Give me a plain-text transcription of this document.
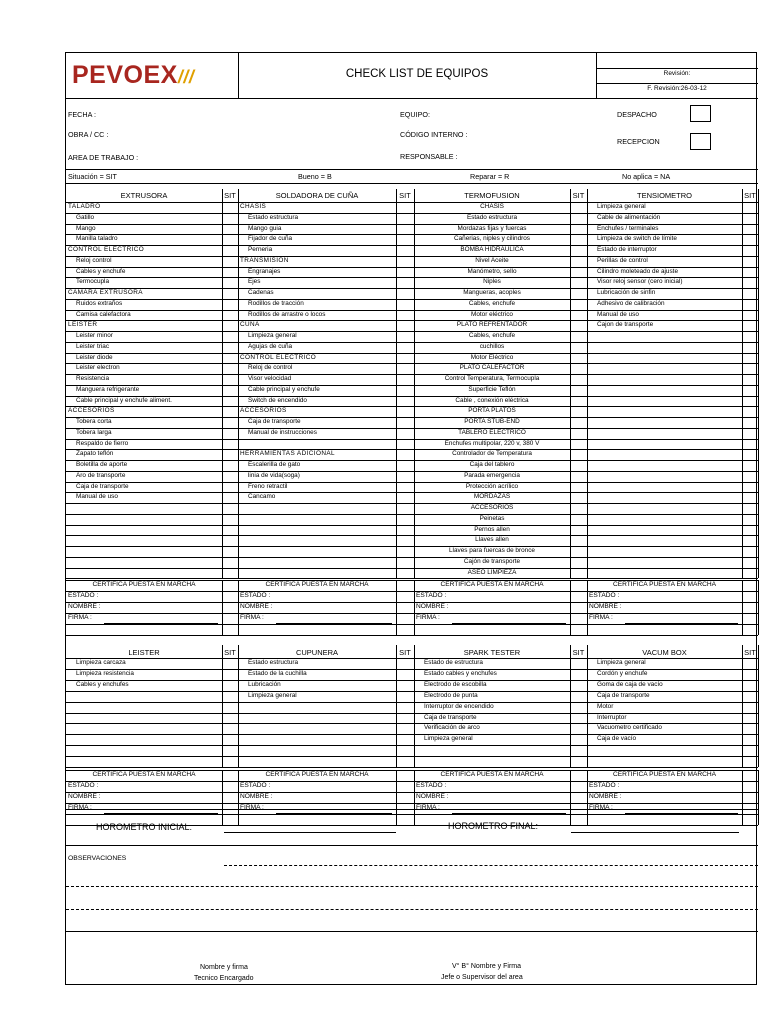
PEVOEX///	CHECK LIST DE EQUIPOS	Revisión:
F. Revisión:26-03-12
FECHA :
OBRA / CC :
AREA DE TRABAJO :
EQUIPO:
CÓDIGO INTERNO :
RESPONSABLE :
DESPACHO
RECEPCION
Situación = SIT	Bueno = B	Reparar = R	No aplica = NA
EXTRUSORA	SIT
TALADRO
Gatillo
Mango
Manilla taladro
CONTROL ELECTRICO
Reloj control
Cables y enchufe
Termocupla
CAMARA EXTRUSORA
Ruidos extraños
Camisa calefactora
LEISTER
Leister minor
Leister triac
Leister diode
Leister electron
Resistencia
Manguera refrigerante
Cable principal y enchufe aliment.
ACCESORIOS
Tobera corta
Tobera larga
Respaldo de fierro
Zapato teflón
Boletilla de aporte
Aro de transporte
Caja de transporte
Manual de uso
SOLDADORA DE CUÑA	SIT
CHASIS
Estado estructura
Mango guia
Fijador de cuña
Perneria
TRANSMISION
Engranajes
Ejes
Cadenas
Rodillos de tracción
Rodillos de arrastre o locos
CUÑA
Limpieza general
Agujas de cuña
CONTROL ELECTRICO
Reloj de control
Visor velocidad
Cable principal y enchufe
Switch de encendido
ACCESORIOS
Caja de transporte
Manual de instrucciones
HERRAMIENTAS ADICIONAL
Escalerilla de gato
linia de vida(soga)
Freno retractil
Cancamo
TERMOFUSION	SIT
CHASIS
Estado estructura
Mordazas fijas y fuercas
Cañerias, niples y cilindros
BOMBA HIDRAULICA
Nivel Aceite
Manómetro, sello
Niples
Mangueras, acoples
Cables, enchufe
Motor eléctrico
PLATO REFRENTADOR
Cables, enchufe
cuchillos
Motor Eléctrico
PLATO CALEFACTOR
Control Temperatura, Termocupla
Superficie Teflón
Cable , conexión eléctrica
PORTA PLATOS
PORTA STUB-END
TABLERO ELECTRICO
Enchufes multipolar, 220 v, 380 V
Controlador de Temperatura
Caja del tablero
Parada emergencia
Protección acrílico
MORDAZAS
ACCESORIOS
Peinetas
Pernos allen
Llaves allen
Llaves para fuercas de bronce
Cajón de transporte
ASEO LIMPIEZA
TENSIOMETRO	SIT
Limpieza general
Cable de alimentación
Enchufes / terminales
Limpieza de switch de límite
Estado de interruptor
Perillas de control
Cilindro moleteado de ajuste
Visor reloj sensor (cero inicial)
Lubricación de sinfin
Adhesivo de calibración
Manual de uso
Cajon de transporte
CERTIFICA PUESTA EN MARCHA
ESTADO :
NOMBRE :
FIRMA :
CERTIFICA PUESTA EN MARCHA
ESTADO :
NOMBRE :
FIRMA :
CERTIFICA PUESTA EN MARCHA
ESTADO :
NOMBRE :
FIRMA :
CERTIFICA PUESTA EN MARCHA
ESTADO :
NOMBRE :
FIRMA :
LEISTER	SIT
Limpieza carcaza
Limpieza resistencia
Cables y enchufes
CUPUNERA	SIT
Estado estructura
Estado de la cuchilla
Lubricación
Limpieza general
SPARK TESTER	SIT
Estado de estructura
Estado cables y enchufes
Electrodo de escobilla
Electrodo de punta
Interruptor de encendido
Caja de transporte
Verificación de arco
Limpieza general
VACUM BOX	SIT
Limpieza general
Cordón y enchufe
Goma de caja de vacío
Caja de transporte
Motor
Interruptor
Vacuometro certificado
Caja de vacío
CERTIFICA PUESTA EN MARCHA
ESTADO :
NOMBRE :
FIRMA :
CERTIFICA PUESTA EN MARCHA
ESTADO :
NOMBRE :
FIRMA :
CERTIFICA PUESTA EN MARCHA
ESTADO :
NOMBRE :
FIRMA :
CERTIFICA PUESTA EN MARCHA
ESTADO :
NOMBRE :
FIRMA :
HOROMETRO INICIAL:	HOROMETRO FINAL:
OBSERVACIONES
Nombre y firma
Tecnico Encargado
V° B° Nombre y Firma
Jefe o Supervisor del area
